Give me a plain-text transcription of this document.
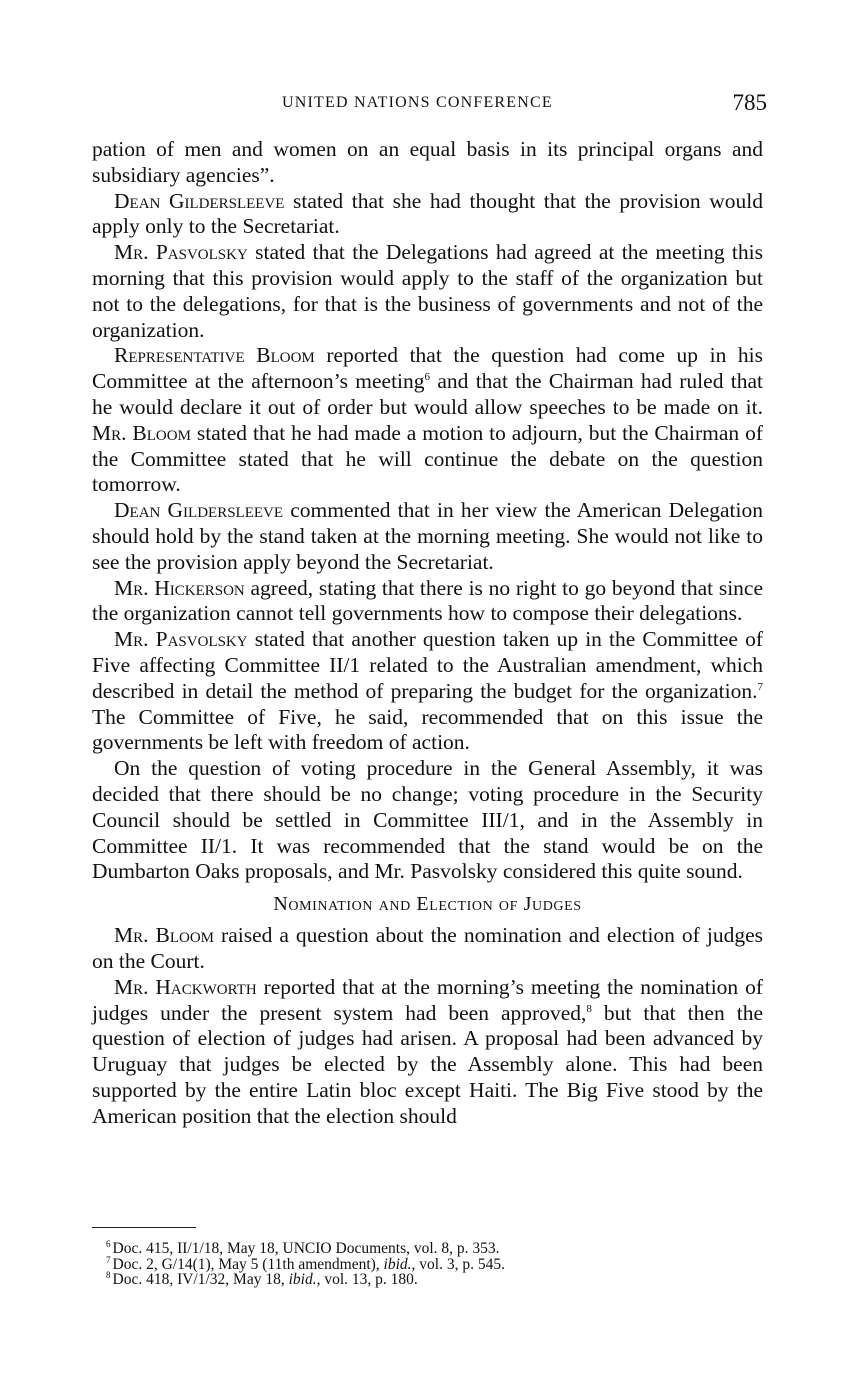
UNITED NATIONS CONFERENCE	785

pation of men and women on an equal basis in its principal organs and subsidiary agencies”.

Dean Gildersleeve stated that she had thought that the provision would apply only to the Secretariat.

Mr. Pasvolsky stated that the Delegations had agreed at the meeting this morning that this provision would apply to the staff of the organization but not to the delegations, for that is the business of governments and not of the organization.

Representative Bloom reported that the question had come up in his Committee at the afternoon’s meeting$^6$ and that the Chairman had ruled that he would declare it out of order but would allow speeches to be made on it. Mr. Bloom stated that he had made a motion to adjourn, but the Chairman of the Committee stated that he will continue the debate on the question tomorrow.

Dean Gildersleeve commented that in her view the American Delegation should hold by the stand taken at the morning meeting. She would not like to see the provision apply beyond the Secretariat.

Mr. Hickerson agreed, stating that there is no right to go beyond that since the organization cannot tell governments how to compose their delegations.

Mr. Pasvolsky stated that another question taken up in the Committee of Five affecting Committee II/1 related to the Australian amendment, which described in detail the method of preparing the budget for the organization.$^7$ The Committee of Five, he said, recommended that on this issue the governments be left with freedom of action.

On the question of voting procedure in the General Assembly, it was decided that there should be no change; voting procedure in the Security Council should be settled in Committee III/1, and in the Assembly in Committee II/1. It was recommended that the stand would be on the Dumbarton Oaks proposals, and Mr. Pasvolsky considered this quite sound.

Nomination and Election of Judges

Mr. Bloom raised a question about the nomination and election of judges on the Court.

Mr. Hackworth reported that at the morning’s meeting the nomination of judges under the present system had been approved,$^8$ but that then the question of election of judges had arisen. A proposal had been advanced by Uruguay that judges be elected by the Assembly alone. This had been supported by the entire Latin bloc except Haiti. The Big Five stood by the American position that the election should

$^6$ Doc. 415, II/1/18, May 18, UNCIO Documents, vol. 8, p. 353.
$^7$ Doc. 2, G/14(1), May 5 (11th amendment), ibid., vol. 3, p. 545.
$^8$ Doc. 418, IV/1/32, May 18, ibid., vol. 13, p. 180.
